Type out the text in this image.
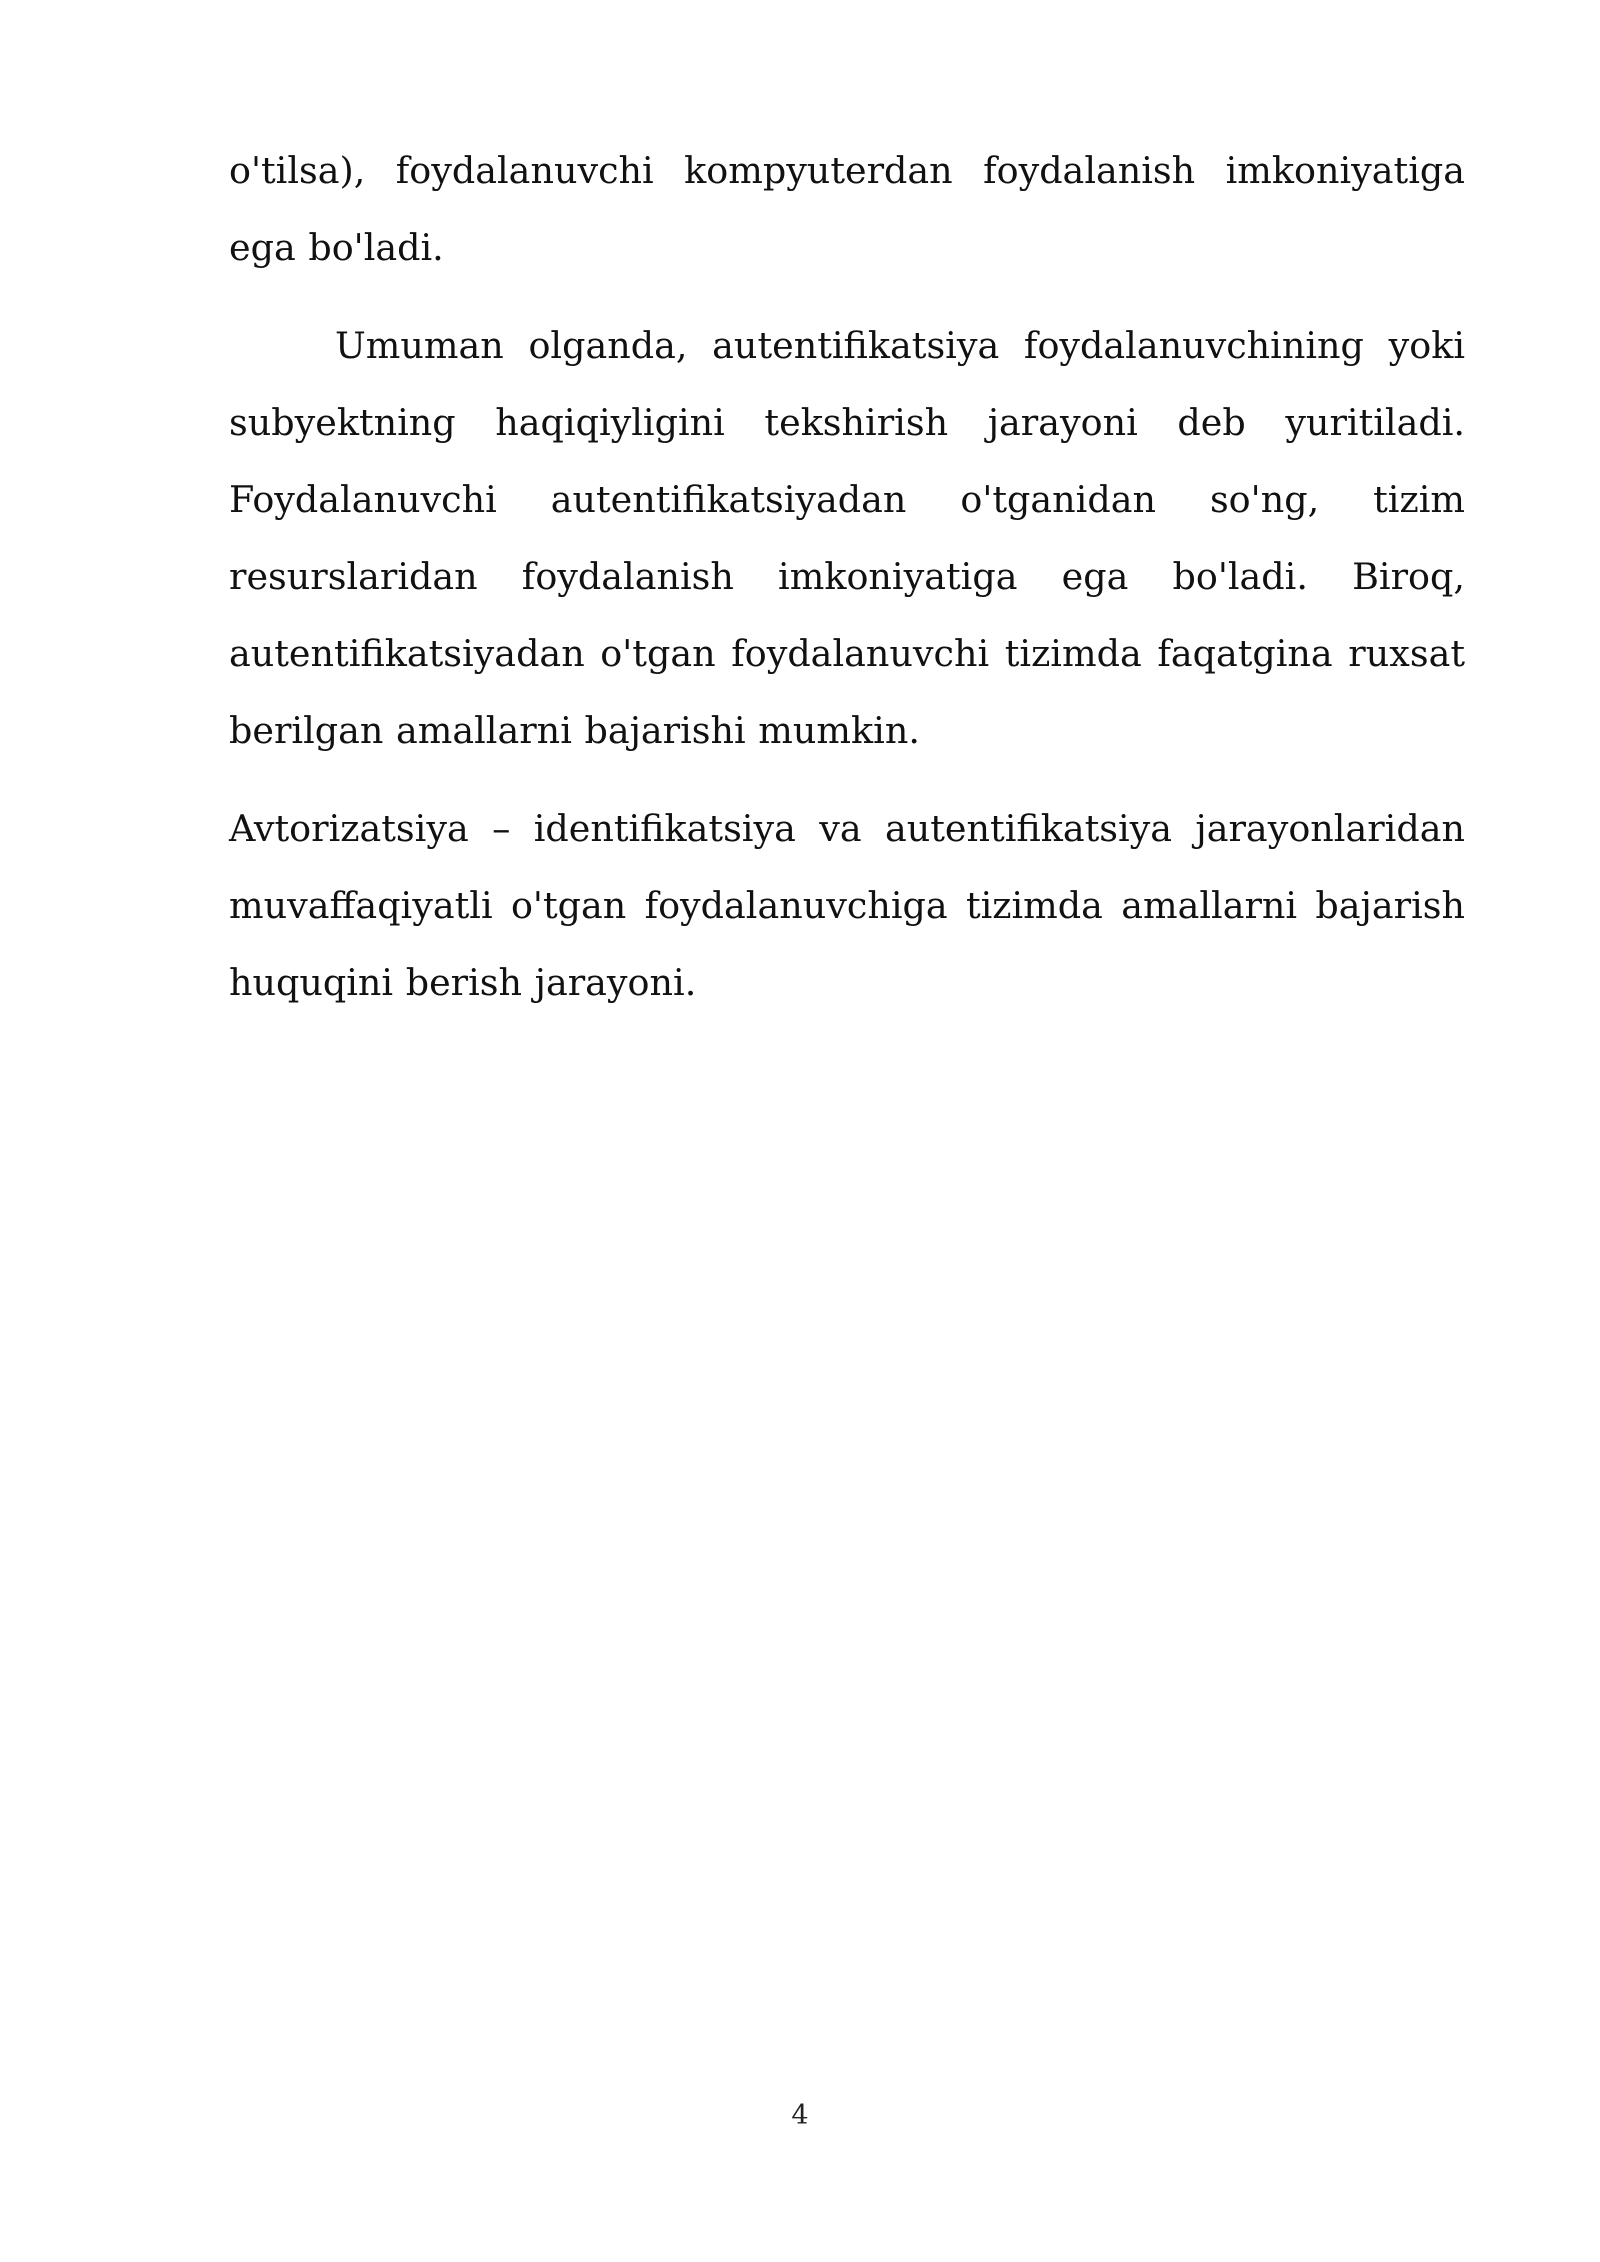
o'tilsa), foydalanuvchi kompyuterdan foydalanish imkoniyatiga ega bo'ladi.

Umuman olganda, autentifikatsiya foydalanuvchining yoki subyektning haqiqiyligini tekshirish jarayoni deb yuritiladi. Foydalanuvchi autentifikatsiyadan o'tganidan so'ng, tizim resurslaridan foydalanish imkoniyatiga ega bo'ladi. Biroq, autentifikatsiyadan o'tgan foydalanuvchi tizimda faqatgina ruxsat berilgan amallarni bajarishi mumkin.

Avtorizatsiya – identifikatsiya va autentifikatsiya jarayonlaridan muvaffaqiyatli o'tgan foydalanuvchiga tizimda amallarni bajarish huquqini berish jarayoni.

4
